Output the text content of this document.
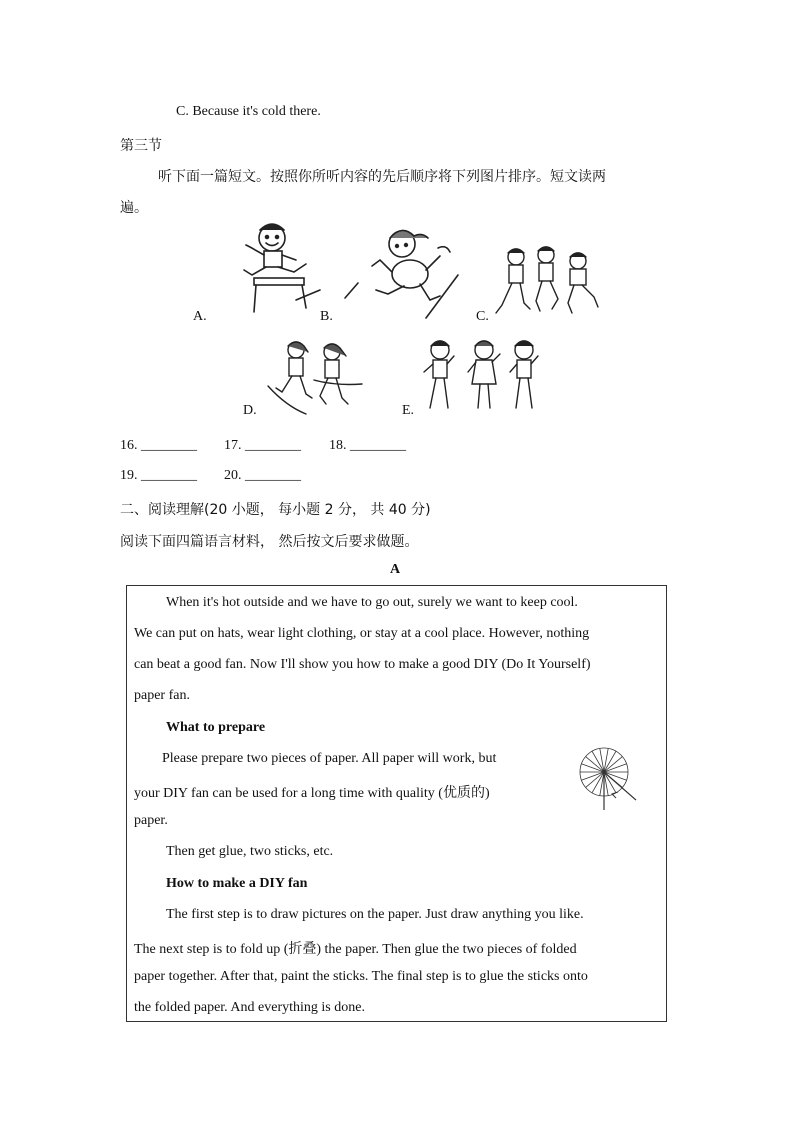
C. Because it's cold there.
第三节
听下面一篇短文。按照你所听内容的先后顺序将下列图片排序。短文读两
遍。
A.	B.	C.
D.	E.
16. ________ 17. ________ 18. ________
19. ________ 20. ________
二、阅读理解(20 小题， 每小题 2 分， 共 40 分)
阅读下面四篇语言材料， 然后按文后要求做题。
A
When it's hot outside and we have to go out, surely we want to keep cool.
We can put on hats, wear light clothing, or stay at a cool place. However, nothing
can beat a good fan. Now I'll show you how to make a good DIY (Do It Yourself)
paper fan.
What to prepare
Please prepare two pieces of paper. All paper will work, but
your DIY fan can be used for a long time with quality (优质的)
paper.
Then get glue, two sticks, etc.
How to make a DIY fan
The first step is to draw pictures on the paper. Just draw anything you like.
The next step is to fold up (折叠) the paper. Then glue the two pieces of folded
paper together. After that, paint the sticks. The final step is to glue the sticks onto
the folded paper. And everything is done.
